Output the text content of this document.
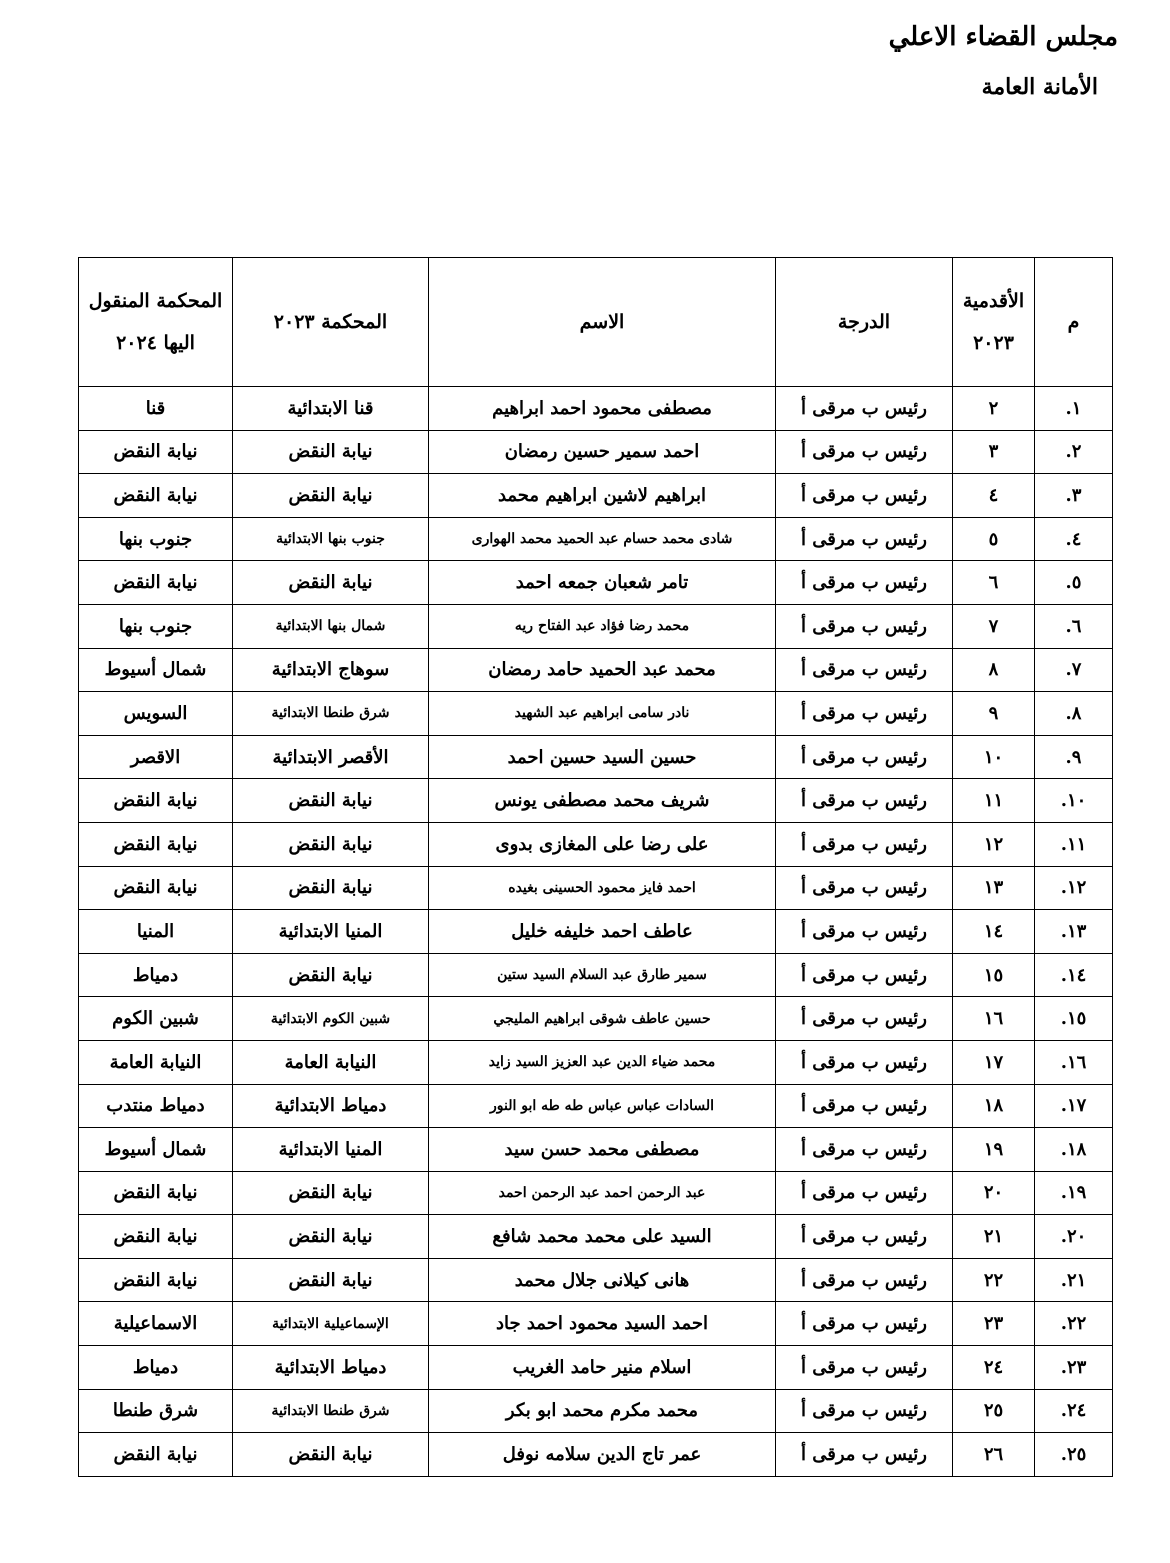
مجلس القضاء الاعلي
الأمانة العامة
م	الأقدمية ٢٠٢٣	الدرجة	الاسم	المحكمة ٢٠٢٣	المحكمة المنقول اليها ٢٠٢٤
١.	٢	رئيس ب مرقى أ	مصطفى محمود احمد ابراهيم	قنا الابتدائية	قنا
٢.	٣	رئيس ب مرقى أ	احمد سمير حسين رمضان	نيابة النقض	نيابة النقض
٣.	٤	رئيس ب مرقى أ	ابراهيم لاشين ابراهيم محمد	نيابة النقض	نيابة النقض
٤.	٥	رئيس ب مرقى أ	شادى محمد حسام عبد الحميد محمد الهوارى	جنوب بنها الابتدائية	جنوب بنها
٥.	٦	رئيس ب مرقى أ	تامر شعبان جمعه احمد	نيابة النقض	نيابة النقض
٦.	٧	رئيس ب مرقى أ	محمد رضا فؤاد عبد الفتاح ريه	شمال بنها الابتدائية	جنوب بنها
٧.	٨	رئيس ب مرقى أ	محمد عبد الحميد حامد رمضان	سوهاج الابتدائية	شمال أسيوط
٨.	٩	رئيس ب مرقى أ	نادر سامى ابراهيم عبد الشهيد	شرق طنطا الابتدائية	السويس
٩.	١٠	رئيس ب مرقى أ	حسين السيد حسين احمد	الأقصر الابتدائية	الاقصر
١٠.	١١	رئيس ب مرقى أ	شريف محمد مصطفى يونس	نيابة النقض	نيابة النقض
١١.	١٢	رئيس ب مرقى أ	على رضا على المغازى بدوى	نيابة النقض	نيابة النقض
١٢.	١٣	رئيس ب مرقى أ	احمد فايز محمود الحسينى بغيده	نيابة النقض	نيابة النقض
١٣.	١٤	رئيس ب مرقى أ	عاطف احمد خليفه خليل	المنيا الابتدائية	المنيا
١٤.	١٥	رئيس ب مرقى أ	سمير طارق عبد السلام السيد ستين	نيابة النقض	دمياط
١٥.	١٦	رئيس ب مرقى أ	حسين عاطف شوقى ابراهيم المليجي	شبين الكوم الابتدائية	شبين الكوم
١٦.	١٧	رئيس ب مرقى أ	محمد ضياء الدين عبد العزيز السيد زايد	النيابة العامة	النيابة العامة
١٧.	١٨	رئيس ب مرقى أ	السادات عباس عباس طه طه ابو النور	دمياط الابتدائية	دمياط منتدب
١٨.	١٩	رئيس ب مرقى أ	مصطفى محمد حسن سيد	المنيا الابتدائية	شمال أسيوط
١٩.	٢٠	رئيس ب مرقى أ	عبد الرحمن احمد عبد الرحمن احمد	نيابة النقض	نيابة النقض
٢٠.	٢١	رئيس ب مرقى أ	السيد على محمد محمد شافع	نيابة النقض	نيابة النقض
٢١.	٢٢	رئيس ب مرقى أ	هانى كيلانى جلال محمد	نيابة النقض	نيابة النقض
٢٢.	٢٣	رئيس ب مرقى أ	احمد السيد محمود احمد جاد	الإسماعيلية الابتدائية	الاسماعيلية
٢٣.	٢٤	رئيس ب مرقى أ	اسلام منير حامد الغريب	دمياط الابتدائية	دمياط
٢٤.	٢٥	رئيس ب مرقى أ	محمد مكرم محمد ابو بكر	شرق طنطا الابتدائية	شرق طنطا
٢٥.	٢٦	رئيس ب مرقى أ	عمر تاج الدين سلامه نوفل	نيابة النقض	نيابة النقض
